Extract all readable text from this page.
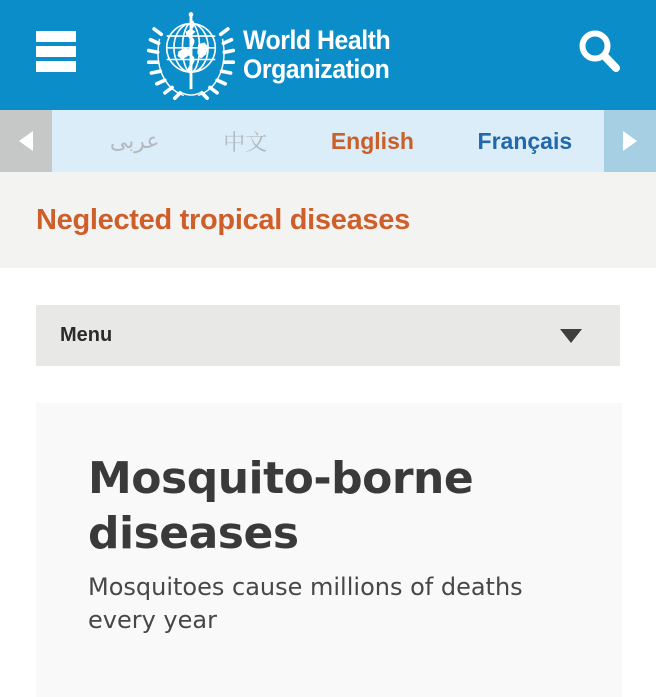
World Health
Organization
عربى	中文	English	Français
Neglected tropical diseases
Menu
Mosquito-borne diseases

Mosquitoes cause millions of deaths every year
